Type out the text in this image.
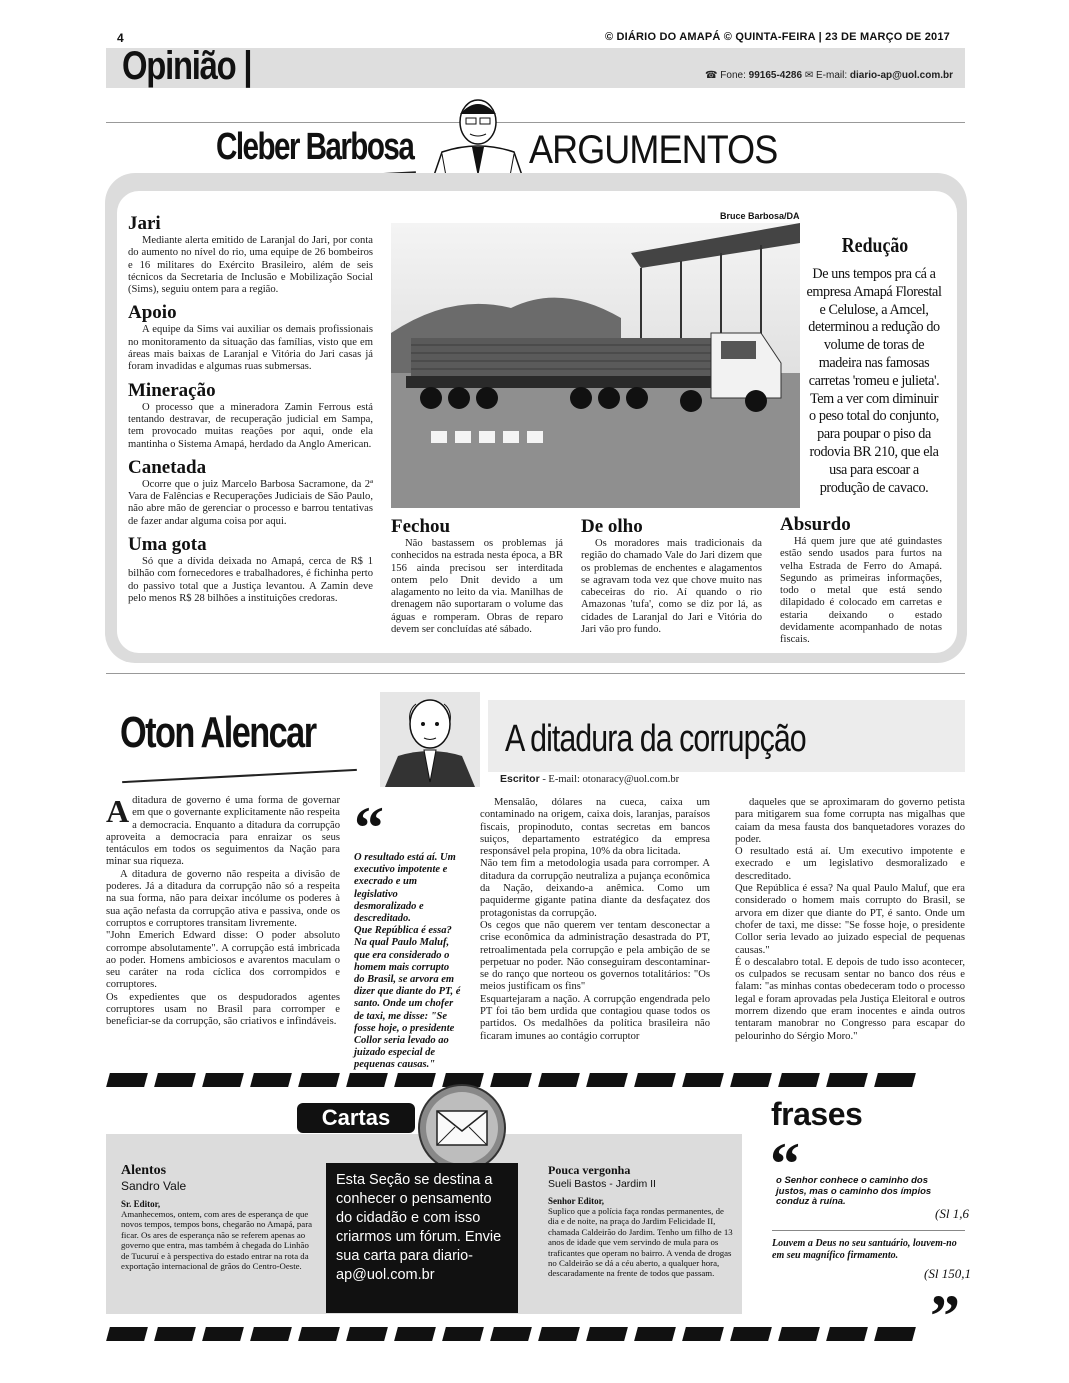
4	© DIÁRIO DO AMAPÁ © QUINTA-FEIRA | 23 DE MARÇO DE 2017
Opinião |	☎ Fone: 99165-4286 ✉ E-mail: diario-ap@uol.com.br
Cleber Barbosa	ARGUMENTOS
Jari
Mediante alerta emitido de Laranjal do Jari, por conta do aumento no nível do rio, uma equipe de 26 bombeiros e 16 militares do Exército Brasileiro, além de seis técnicos da Secretaria de Inclusão e Mobilização Social (Sims), seguiu ontem para a região.
Apoio
A equipe da Sims vai auxiliar os demais profissionais no monitoramento da situação das famílias, visto que em áreas mais baixas de Laranjal e Vitória do Jari casas já foram invadidas e algumas ruas submersas.
Mineração
O processo que a mineradora Zamin Ferrous está tentando destravar, de recuperação judicial em Sampa, tem provocado muitas reações por aqui, onde ela mantinha o Sistema Amapá, herdado da Anglo American.
Canetada
Ocorre que o juiz Marcelo Barbosa Sacramone, da 2ª Vara de Falências e Recuperações Judiciais de São Paulo, não abre mão de gerenciar o processo e barrou tentativas de fazer andar alguma coisa por aqui.
Uma gota
Só que a dívida deixada no Amapá, cerca de R$ 1 bilhão com fornecedores e trabalhadores, é fichinha perto do passivo total que a Justiça levantou. A Zamin deve pelo menos R$ 28 bilhões a instituições credoras.
Bruce Barbosa/DA
Redução
De uns tempos pra cá a empresa Amapá Florestal e Celulose, a Amcel, determinou a redução do volume de toras de madeira nas famosas carretas 'romeu e julieta'. Tem a ver com diminuir o peso total do conjunto, para poupar o piso da rodovia BR 210, que ela usa para escoar a produção de cavaco.
Fechou
Não bastassem os problemas já conhecidos na estrada nesta época, a BR 156 ainda precisou ser interditada ontem pelo Dnit devido a um alagamento no leito da via. Manilhas de drenagem não suportaram o volume das águas e romperam. Obras de reparo devem ser concluídas até sábado.
De olho
Os moradores mais tradicionais da região do chamado Vale do Jari dizem que os problemas de enchentes e alagamentos se agravam toda vez que chove muito nas cabeceiras do rio. Aí quando o rio Amazonas 'tufa', como se diz por lá, as cidades de Laranjal do Jari e Vitória do Jari vão pro fundo.
Absurdo
Há quem jure que até guindastes estão sendo usados para furtos na velha Estrada de Ferro do Amapá. Segundo as primeiras informações, todo o metal que está sendo dilapidado é colocado em carretas e estaria deixando o estado devidamente acompanhado de notas fiscais.
Oton Alencar	A ditadura da corrupção
Escritor - E-mail: otonaracy@uol.com.br
Aditadura de governo é uma forma de governar em que o governante explicitamente não respeita a democracia. Enquanto a ditadura da corrupção aproveita a democracia para enraizar os seus tentáculos em todos os seguimentos da Nação para minar sua riqueza.
A ditadura de governo não respeita a divisão de poderes. Já a ditadura da corrupção não só a respeita na sua forma, não para deixar incólume os poderes à sua ação nefasta da corrupção ativa e passiva, onde os corruptos e corruptores transitam livremente.
"John Emerich Edward disse: O poder absoluto corrompe absolutamente". A corrupção está imbricada ao poder. Homens ambiciosos e avarentos maculam o seu caráter na roda cíclica dos corrompidos e corruptores.
Os expedientes que os despudorados agentes corruptores usam no Brasil para corromper e beneficiar-se da corrupção, são criativos e infindáveis.
“
O resultado está aí. Um executivo impotente e execrado e um legislativo desmoralizado e descreditado.
Que República é essa? Na qual Paulo Maluf, que era considerado o homem mais corrupto do Brasil, se arvora em dizer que diante do PT, é santo. Onde um chofer de taxi, me disse: "Se fosse hoje, o presidente Collor seria levado ao juizado especial de pequenas causas."
Mensalão, dólares na cueca, caixa um contaminado na origem, caixa dois, laranjas, paraísos fiscais, propinoduto, contas secretas em bancos suiços, departamento estratégico da empresa responsável pela propina, 10% da obra licitada.
Não tem fim a metodologia usada para corromper. A ditadura da corrupção neutraliza a pujança econômica da Nação, deixando-a anêmica. Como um paquiderme gigante patina diante da desfaçatez dos protagonistas da corrupção.
Os cegos que não querem ver tentam desconectar a crise econômica da administração desastrada do PT, retroalimentada pela corrupção e pela ambição de se perpetuar no poder. Não conseguiram descontaminar-se do ranço que norteou os governos totalitários: "Os meios justificam os fins"
Esquartejaram a nação. A corrupção engendrada pelo PT foi tão bem urdida que contagiou quase todos os partidos. Os medalhões da política brasileira não ficaram imunes ao contágio corruptor
daqueles que se aproximaram do governo petista para mitigarem sua fome corrupta nas migalhas que caiam da mesa fausta dos banquetadores vorazes do poder.
O resultado está aí. Um executivo impotente e execrado e um legislativo desmoralizado e descreditado.
Que República é essa? Na qual Paulo Maluf, que era considerado o homem mais corrupto do Brasil, se arvora em dizer que diante do PT, é santo. Onde um chofer de taxi, me disse: "Se fosse hoje, o presidente Collor seria levado ao juizado especial de pequenas causas."
É o descalabro total. E depois de tudo isso acontecer, os culpados se recusam sentar no banco dos réus e falam: "as minhas contas obedeceram todo o processo legal e foram aprovadas pela Justiça Eleitoral e outros morrem dizendo que eram inocentes e ainda outros tentaram manobrar no Congresso para escapar do pelourinho do Sérgio Moro."
Cartas
Alentos
Sandro Vale
Sr. Editor,
Amanhecemos, ontem, com ares de esperança de que novos tempos, tempos bons, chegarão no Amapá, para ficar. Os ares de esperança não se referem apenas ao governo que entra, mas também à chegada do Linhão de Tucuruí e à perspectiva do estado entrar na rota da exportação internacional de grãos do Centro-Oeste.
Esta Seção se destina a conhecer o pensamento do cidadão e com isso criarmos um fórum. Envie sua carta para diario-ap@uol.com.br
Pouca vergonha
Sueli Bastos - Jardim II
Senhor Editor,
Suplico que a polícia faça rondas permanentes, de dia e de noite, na praça do Jardim Felicidade II, chamada Caldeirão do Jardim. Tenho um filho de 13 anos de idade que vem servindo de mula para os traficantes que operam no bairro. A venda de drogas no Caldeirão se dá a céu aberto, a qualquer hora, descaradamente na frente de todos que passam.
frases
“
o Senhor conhece o caminho dos justos, mas o caminho dos ímpios conduz à ruína.
(Sl 1,6
Louvem a Deus no seu santuário, louvem-no em seu magnífico firmamento.
(Sl 150,1
”
